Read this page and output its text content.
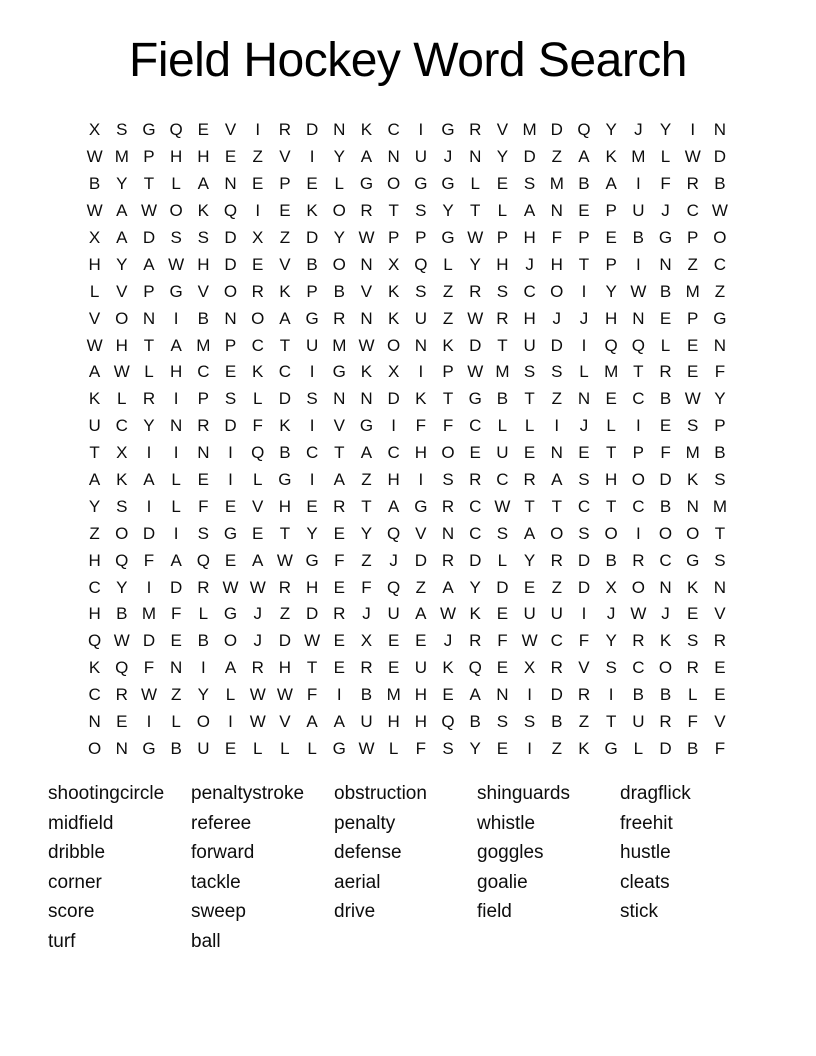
Field Hockey Word Search
X S G Q E V	I	R D N K C	I	G R V M D Q Y	J	Y	I	N
W M P H H E Z V	I	Y A N U J N Y D Z A K M L W D
B Y T	L A N E P E L G O G G L E S M B A	I	F R B
W A W O K Q	I	E K O R T S Y T	L A N E P U J C W
X A D S S D X Z D Y W P P G W P H F P E B G P O
H Y A W H D E V B O N X Q L Y H J H T P	I	N Z C
L V P G V O R K P B V K S Z R S C O	I	Y W B M Z
V O N	I	B N O A G R N K U Z W R H J	J H N E P G
W H T A M P C T U M W O N K D T U D	I	Q Q L E N
A W L H C E K C	I	G K X	I	P W M S S L M T R E F
K L R	I	P S L D S N N D K T G B T Z N E C B W Y
U C Y N R D F K	I	V G	I	F F C L	L	I	J	L	I	E S P
T X	I	I	N	I	Q B C T A C H O E U E N E T P F M B
A K A L E	I	L G	I	A Z H	I	S R C R A S H O D K S
Y S	I	L	F E V H E R T A G R C W T T C T C B N M
Z O D	I	S G E T Y E Y Q V N C S A O S O	I	O O T
H Q F A Q E A W G F Z	J D R D L Y R D B R C G S
C Y	I	D R W W R H E F Q Z A Y D E Z D X O N K N
H B M F	L G J	Z D R J U A W K E U U	I	J W J	E V
Q W D E B O J D W E X E E	J R F W C F Y R K S R
K Q F N	I	A R H T E R E U K Q E X R V S C O R E
C R W Z Y L W W F	I	B M H E A N	I	D R	I	B B L E
N E	I	L O	I W V A A U H H Q B S S B Z T U R F V
O N G B U E L	L	L G W L	F S Y E	I	Z K G L D B F
shootingcircle
midfield
dribble
corner
score
turf
penaltystroke
referee
forward
tackle
sweep
ball
obstruction
penalty
defense
aerial
drive
shinguards
whistle
goggles
goalie
field
dragflick
freehit
hustle
cleats
stick
